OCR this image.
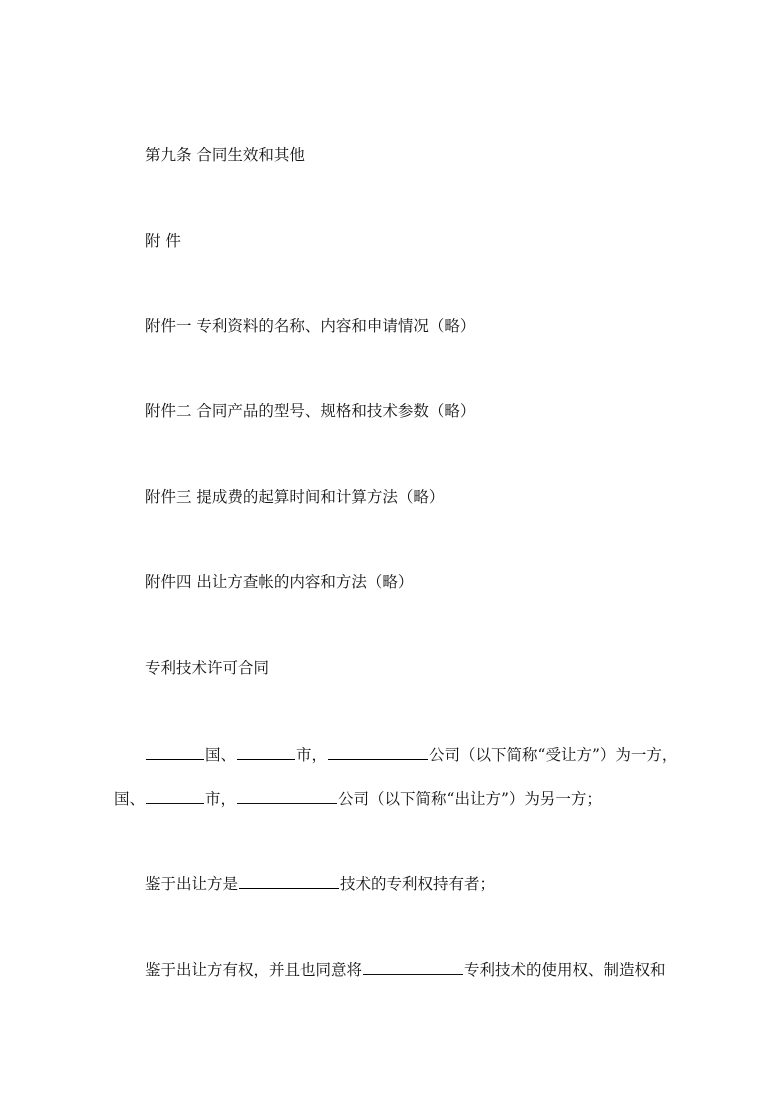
第九条 合同生效和其他
附 件
附件一 专利资料的名称、内容和申请情况（略）
附件二 合同产品的型号、规格和技术参数（略）
附件三 提成费的起算时间和计算方法（略）
附件四 出让方查帐的内容和方法（略）
专利技术许可合同
国、	市，	公司（以下简称“受让方”）为一方，
国、	市，	公司（以下简称“出让方”）为另一方；
鉴于出让方是	技术的专利权持有者；
鉴于出让方有权，并且也同意将	专利技术的使用权、制造权和
